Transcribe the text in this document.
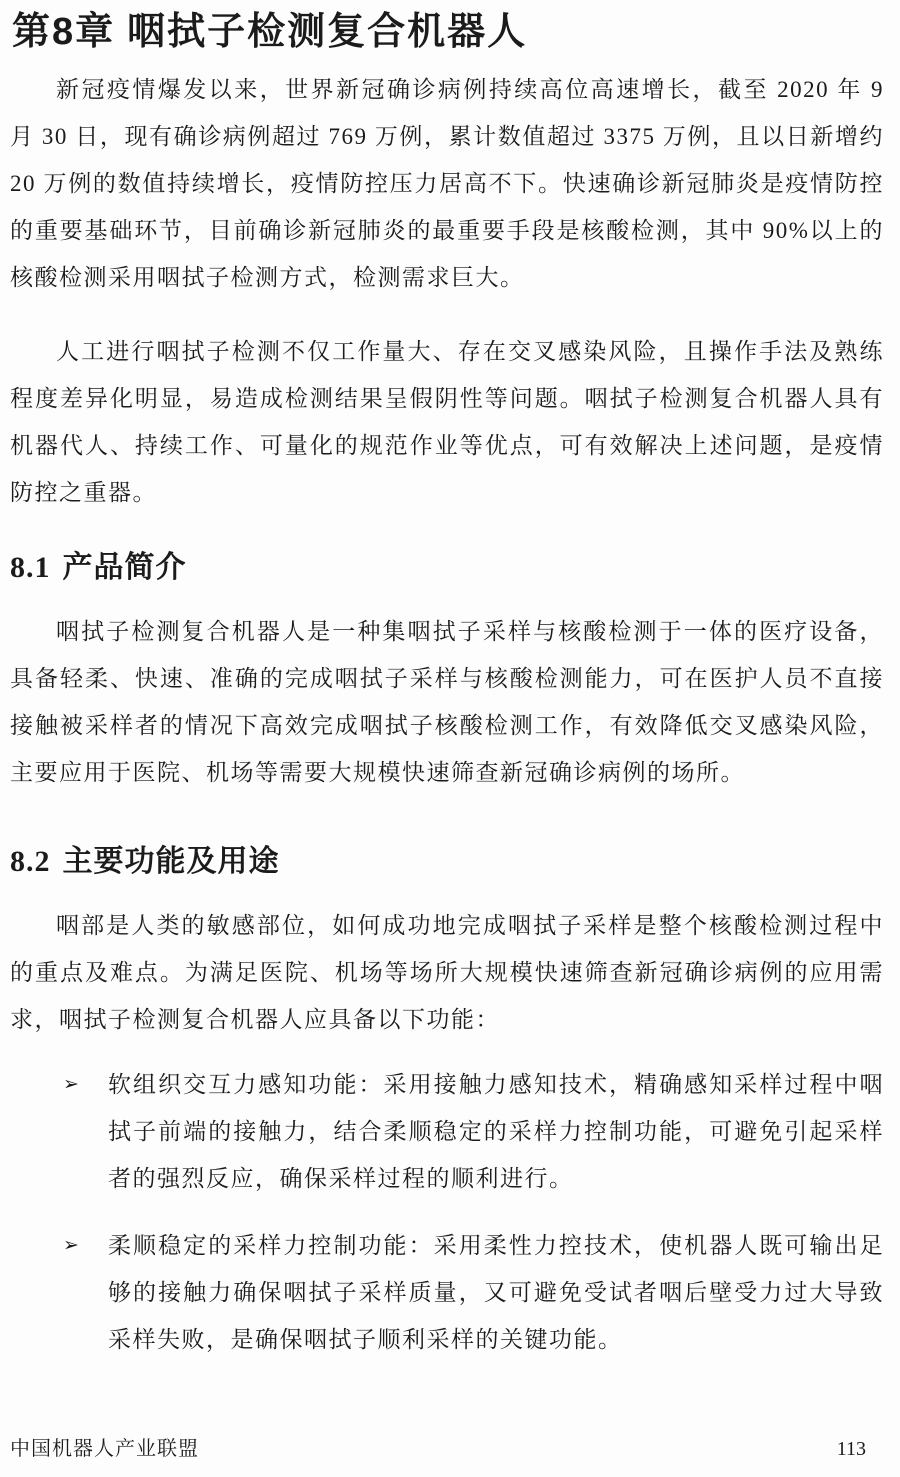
第8章 咽拭子检测复合机器人

新冠疫情爆发以来，世界新冠确诊病例持续高位高速增长，截至 2020 年 9 月 30 日，现有确诊病例超过 769 万例，累计数值超过 3375 万例，且以日新增约 20 万例的数值持续增长，疫情防控压力居高不下。快速确诊新冠肺炎是疫情防控的重要基础环节，目前确诊新冠肺炎的最重要手段是核酸检测，其中 90%以上的核酸检测采用咽拭子检测方式，检测需求巨大。

人工进行咽拭子检测不仅工作量大、存在交叉感染风险，且操作手法及熟练程度差异化明显，易造成检测结果呈假阴性等问题。咽拭子检测复合机器人具有机器代人、持续工作、可量化的规范作业等优点，可有效解决上述问题，是疫情防控之重器。

8.1 产品简介

咽拭子检测复合机器人是一种集咽拭子采样与核酸检测于一体的医疗设备，具备轻柔、快速、准确的完成咽拭子采样与核酸检测能力，可在医护人员不直接接触被采样者的情况下高效完成咽拭子核酸检测工作，有效降低交叉感染风险，主要应用于医院、机场等需要大规模快速筛查新冠确诊病例的场所。

8.2 主要功能及用途

咽部是人类的敏感部位，如何成功地完成咽拭子采样是整个核酸检测过程中的重点及难点。为满足医院、机场等场所大规模快速筛查新冠确诊病例的应用需求，咽拭子检测复合机器人应具备以下功能：

➢	软组织交互力感知功能：采用接触力感知技术，精确感知采样过程中咽拭子前端的接触力，结合柔顺稳定的采样力控制功能，可避免引起采样者的强烈反应，确保采样过程的顺利进行。
➢	柔顺稳定的采样力控制功能：采用柔性力控技术，使机器人既可输出足够的接触力确保咽拭子采样质量，又可避免受试者咽后壁受力过大导致采样失败，是确保咽拭子顺利采样的关键功能。
中国机器人产业联盟	113
